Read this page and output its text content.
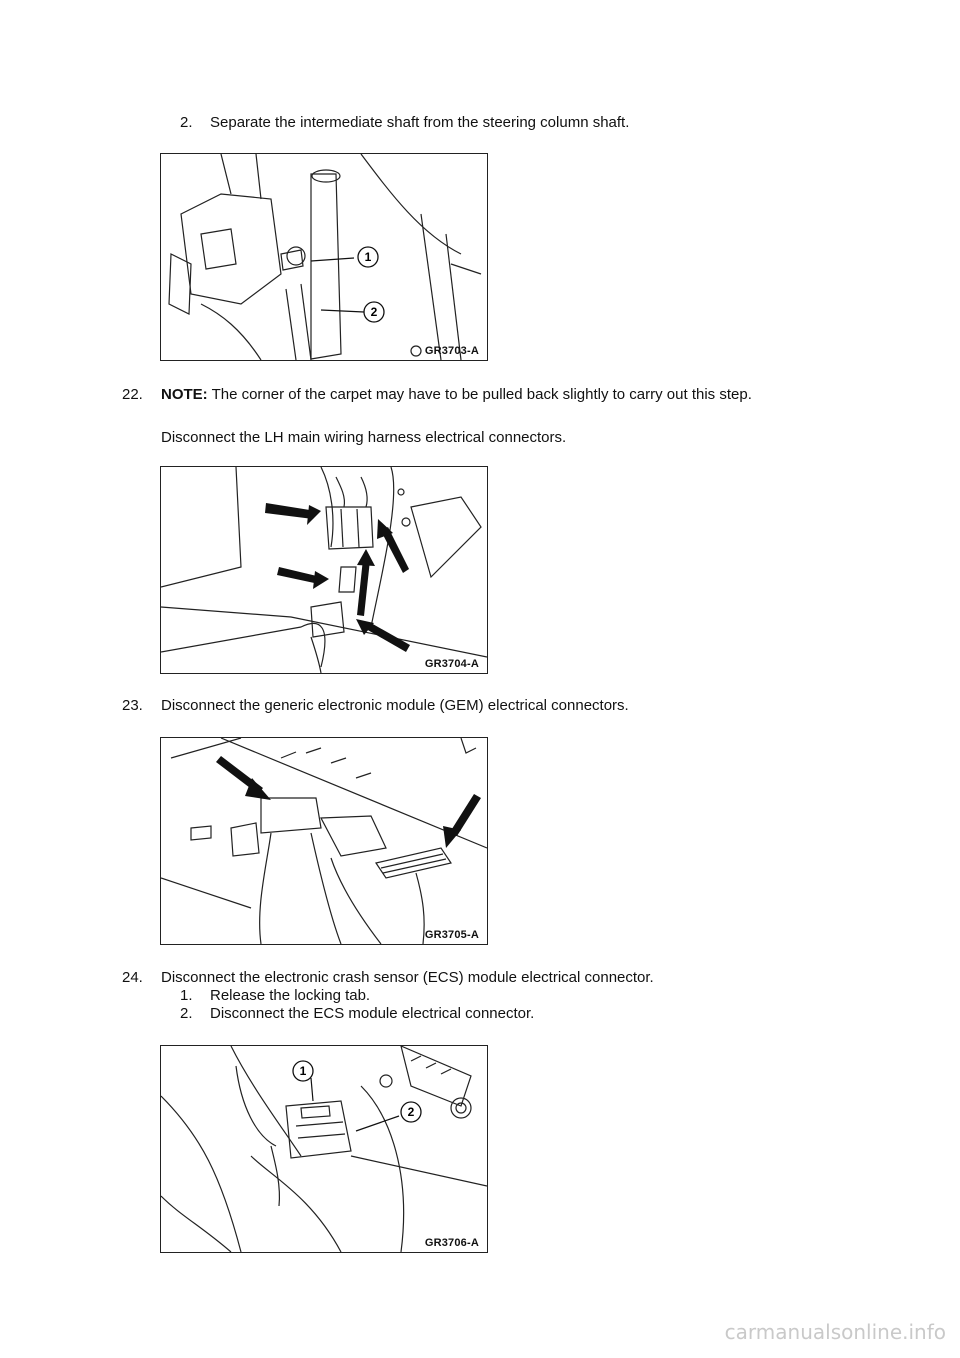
2. Separate the intermediate shaft from the steering column shaft.
1
2
GR3703-A
22. NOTE: The corner of the carpet may have to be pulled back slightly to carry out this step.
Disconnect the LH main wiring harness electrical connectors.
GR3704-A
23. Disconnect the generic electronic module (GEM) electrical connectors.
GR3705-A
24. Disconnect the electronic crash sensor (ECS) module electrical connector.
1. Release the locking tab.
2. Disconnect the ECS module electrical connector.
1
2
GR3706-A
carmanualsonline.info
